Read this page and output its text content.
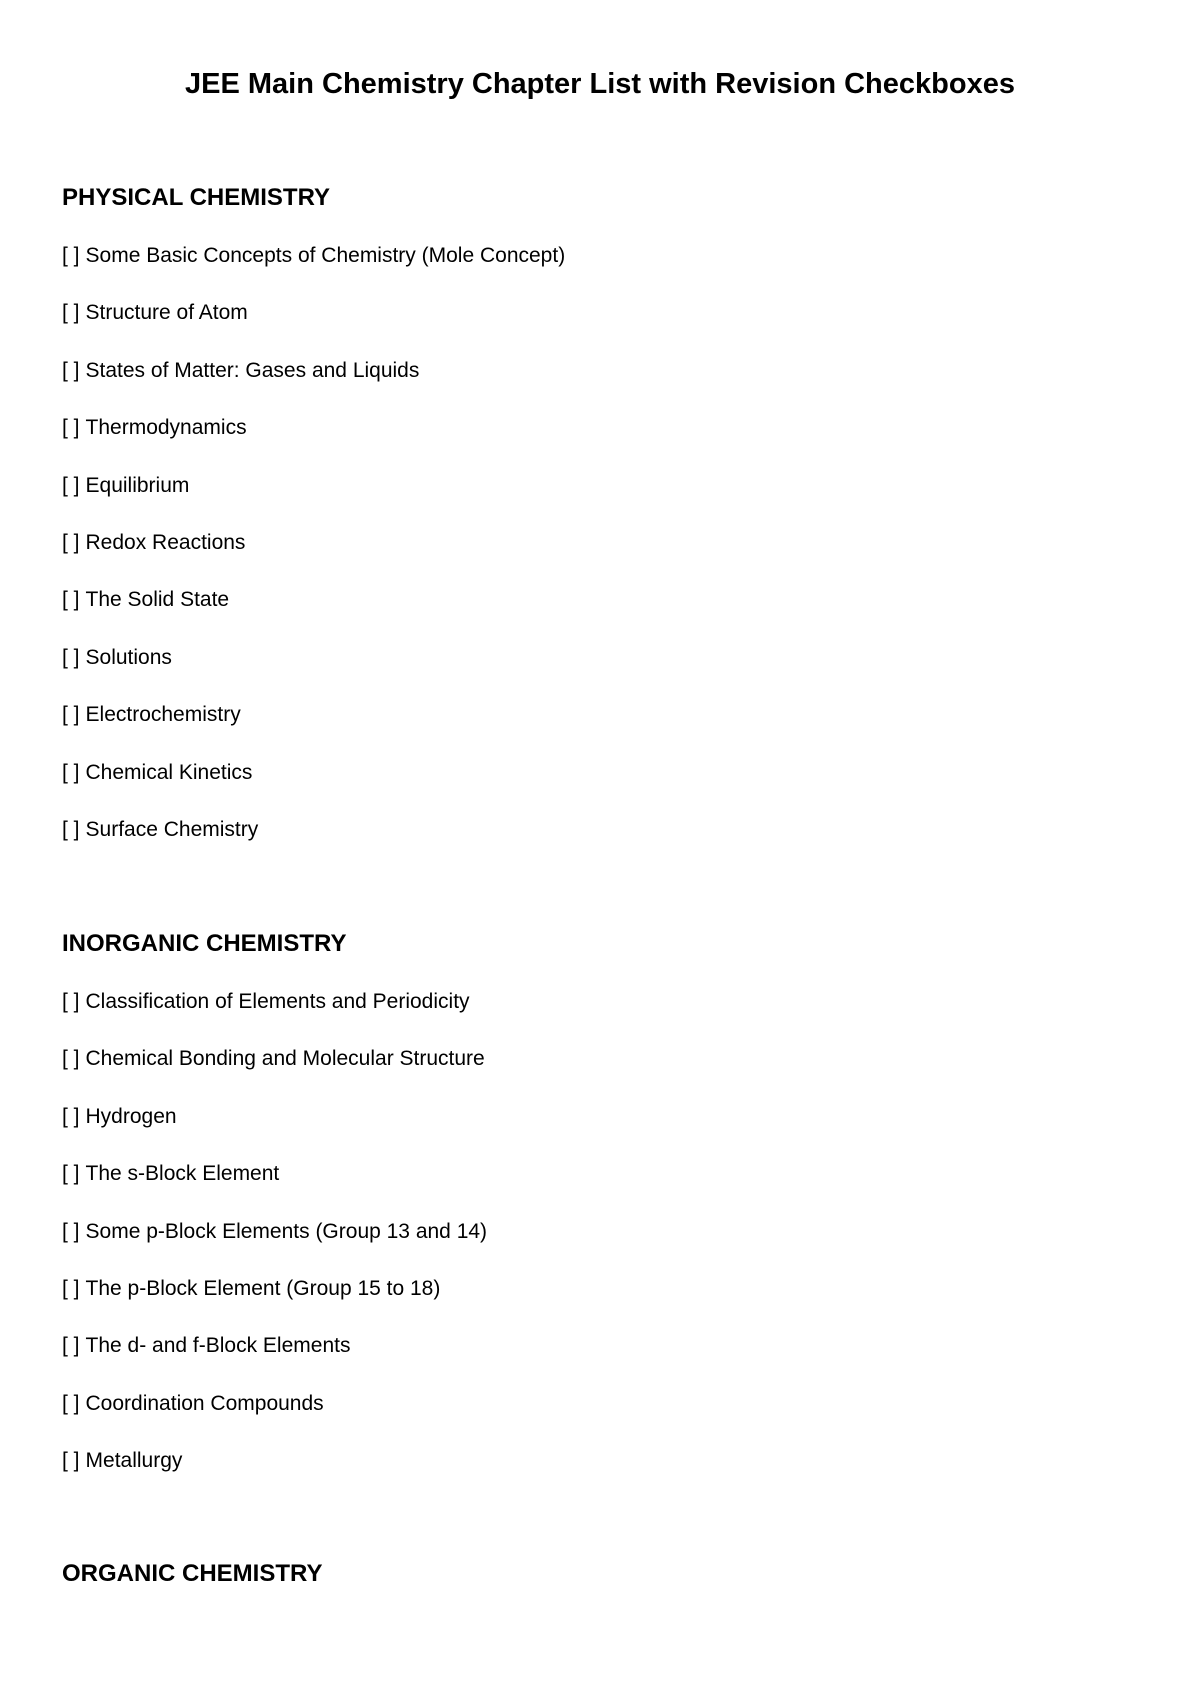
JEE Main Chemistry Chapter List with Revision Checkboxes
PHYSICAL CHEMISTRY
[ ] Some Basic Concepts of Chemistry (Mole Concept)
[ ] Structure of Atom
[ ] States of Matter: Gases and Liquids
[ ] Thermodynamics
[ ] Equilibrium
[ ] Redox Reactions
[ ] The Solid State
[ ] Solutions
[ ] Electrochemistry
[ ] Chemical Kinetics
[ ] Surface Chemistry
INORGANIC CHEMISTRY
[ ] Classification of Elements and Periodicity
[ ] Chemical Bonding and Molecular Structure
[ ] Hydrogen
[ ] The s-Block Element
[ ] Some p-Block Elements (Group 13 and 14)
[ ] The p-Block Element (Group 15 to 18)
[ ] The d- and f-Block Elements
[ ] Coordination Compounds
[ ] Metallurgy
ORGANIC CHEMISTRY
